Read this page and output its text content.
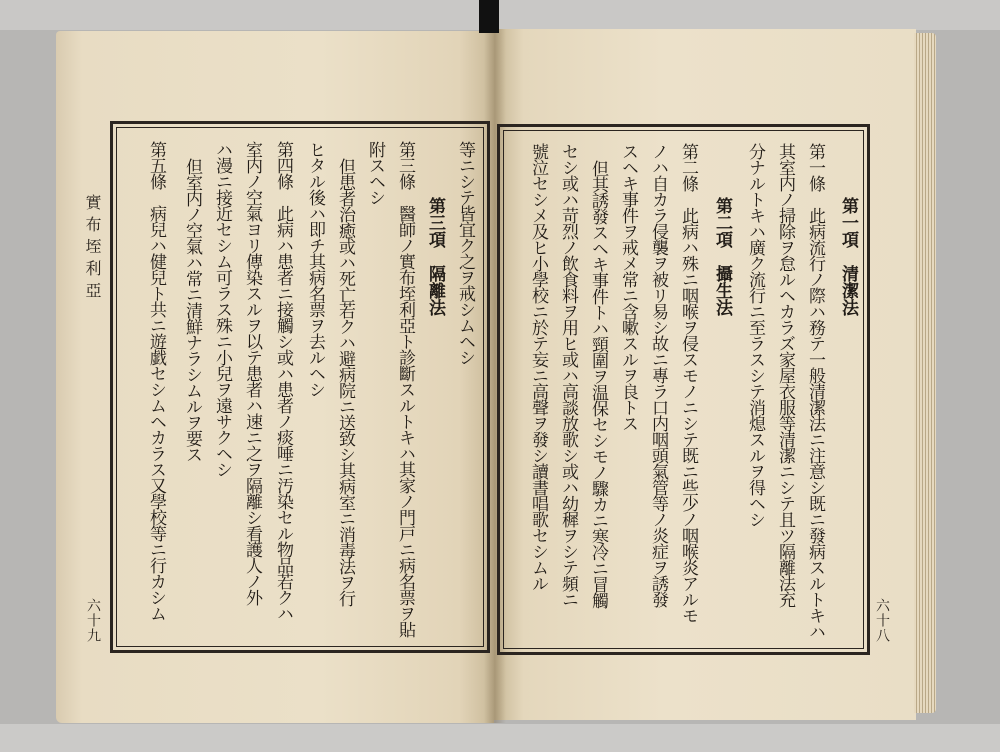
實布垤利亞
六十九
等ニシテ皆宜ク之ヲ戒シムヘシ
第三項　隔離法
第三條　醫師ノ實布垤利亞ト診斷スルトキハ其家ノ門戸ニ病名票ヲ貼
附スヘシ
但患者治癒或ハ死亡若クハ避病院ニ送致シ其病室ニ消毒法ヲ行
ヒタル後ハ即チ其病名票ヲ去ルヘシ
第四條　此病ハ患者ニ接觸シ或ハ患者ノ痰唾ニ汚染セル物品若クハ
室内ノ空氣ヨリ傳染スルヲ以テ患者ハ速ニ之ヲ隔離シ看護人ノ外
ハ漫ニ接近セシム可ラス殊ニ小兒ヲ遠サクヘシ
但室内ノ空氣ハ常ニ清鮮ナラシムルヲ要ス
第五條　病兒ハ健兒ト共ニ遊戯セシムヘカラス又學校等ニ行カシム	六十八
第一項　清潔法
第一條　此病流行ノ際ハ務テ一般清潔法ニ注意シ既ニ發病スルトキハ
其室内ノ掃除ヲ怠ルヘカラズ家屋衣服等清潔ニシテ且ツ隔離法充
分ナルトキハ廣ク流行ニ至ラスシテ消熄スルヲ得ヘシ
第二項　攝生法
第二條　此病ハ殊ニ咽喉ヲ侵スモノニシテ既ニ些少ノ咽喉炎アルモ
ノハ自カラ侵襲ヲ被リ易シ故ニ專ラ口内咽頭氣管等ノ炎症ヲ誘發
スヘキ事件ヲ戒メ常ニ含嗽スルヲ良トス
但其誘發スヘキ事件トハ頸圍ヲ温保セシモノ驟カニ寒冷ニ冒觸
セシ或ハ苛烈ノ飲食料ヲ用ヒ或ハ高談放歌シ或ハ幼穉ヲシテ頻ニ
號泣セシメ及ヒ小學校ニ於テ妄ニ高聲ヲ發シ讀書唱歌セシムル
